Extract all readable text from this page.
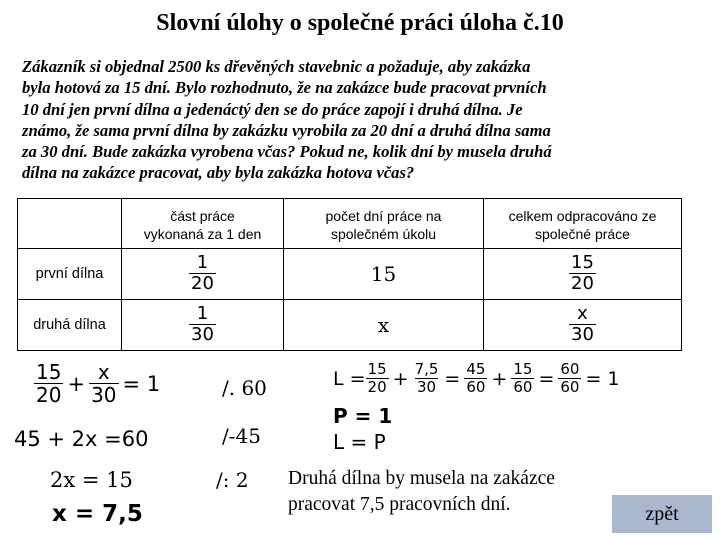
Slovní úlohy o společné práci úloha č.10
Zákazník si objednal 2500 ks dřevěných stavebnic a požaduje, aby zakázka
byla hotová za 15 dní. Bylo rozhodnuto, že na zakázce bude pracovat prvních
10 dní jen první dílna a jedenáctý den se do práce zapojí i druhá dílna. Je
známo, že sama první dílna by zakázku vyrobila za 20 dní a druhá dílna sama
za 30 dní. Bude zakázka vyrobena včas? Pokud ne, kolik dní by musela druhá
dílna na zakázce pracovat, aby byla zakázka hotova včas?
	část práce
vykonaná za 1 den	počet dní práce na
společném úkolu	celkem odpracováno ze
společné práce
první dílna	$\frac{1}{20}$	15	$\frac{15}{20}$

druhá dílna	$\frac{1}{30}$	x	$\frac{x}{30}$
$\frac{15}{20} + \frac{x}{30} = 1$
45 + 2x =60
2x = 15
x = 7,5
/. 60
/-45
/: 2
$L = \frac{15}{20} + \frac{7,5}{30} = \frac{45}{60} + \frac{15}{60} = \frac{60}{60} = 1$
P = 1
L = P
Druhá dílna by musela na zakázce
pracovat 7,5 pracovních dní.	zpět
